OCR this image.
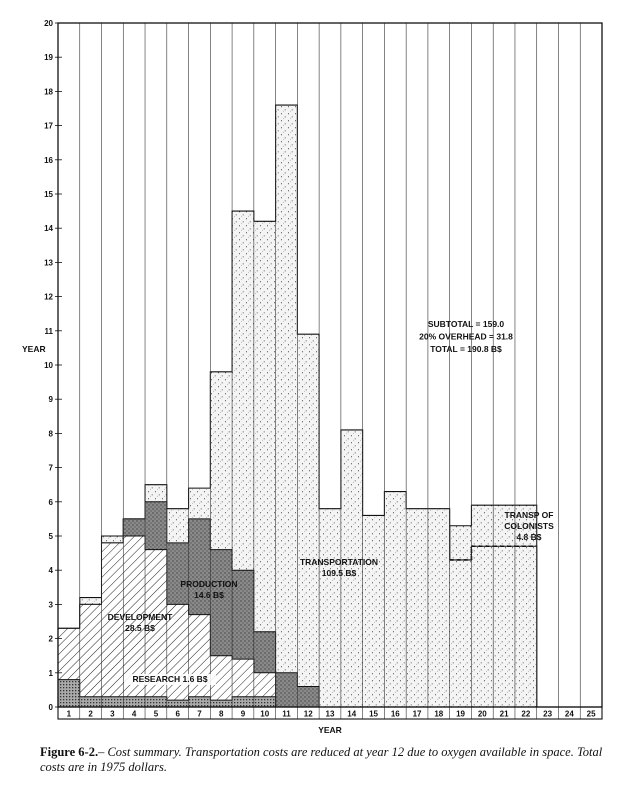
0
1
2
3
4
5
6
7
8
9
10
11
12
13
14
15
16
17
18
19
20
1 2 3 4 5 6 7 8 9 10 11 12 13 14 15 16 17 18 19 20 21 22 23 24 25
YEAR
YEAR
RESEARCH 1.6 B$
DEVELOPMENT 28.5 B$
PRODUCTION 14.6 B$
TRANSPORTATION 109.5 B$
TRANSP OF COLONISTS 4.8 B$
SUBTOTAL = 159.0 20% OVERHEAD = 31.8 TOTAL = 190.8 B$
Figure 6-2.– Cost summary. Transportation costs are reduced at year 12 due to oxygen available in space. Total costs are in 1975 dollars.
